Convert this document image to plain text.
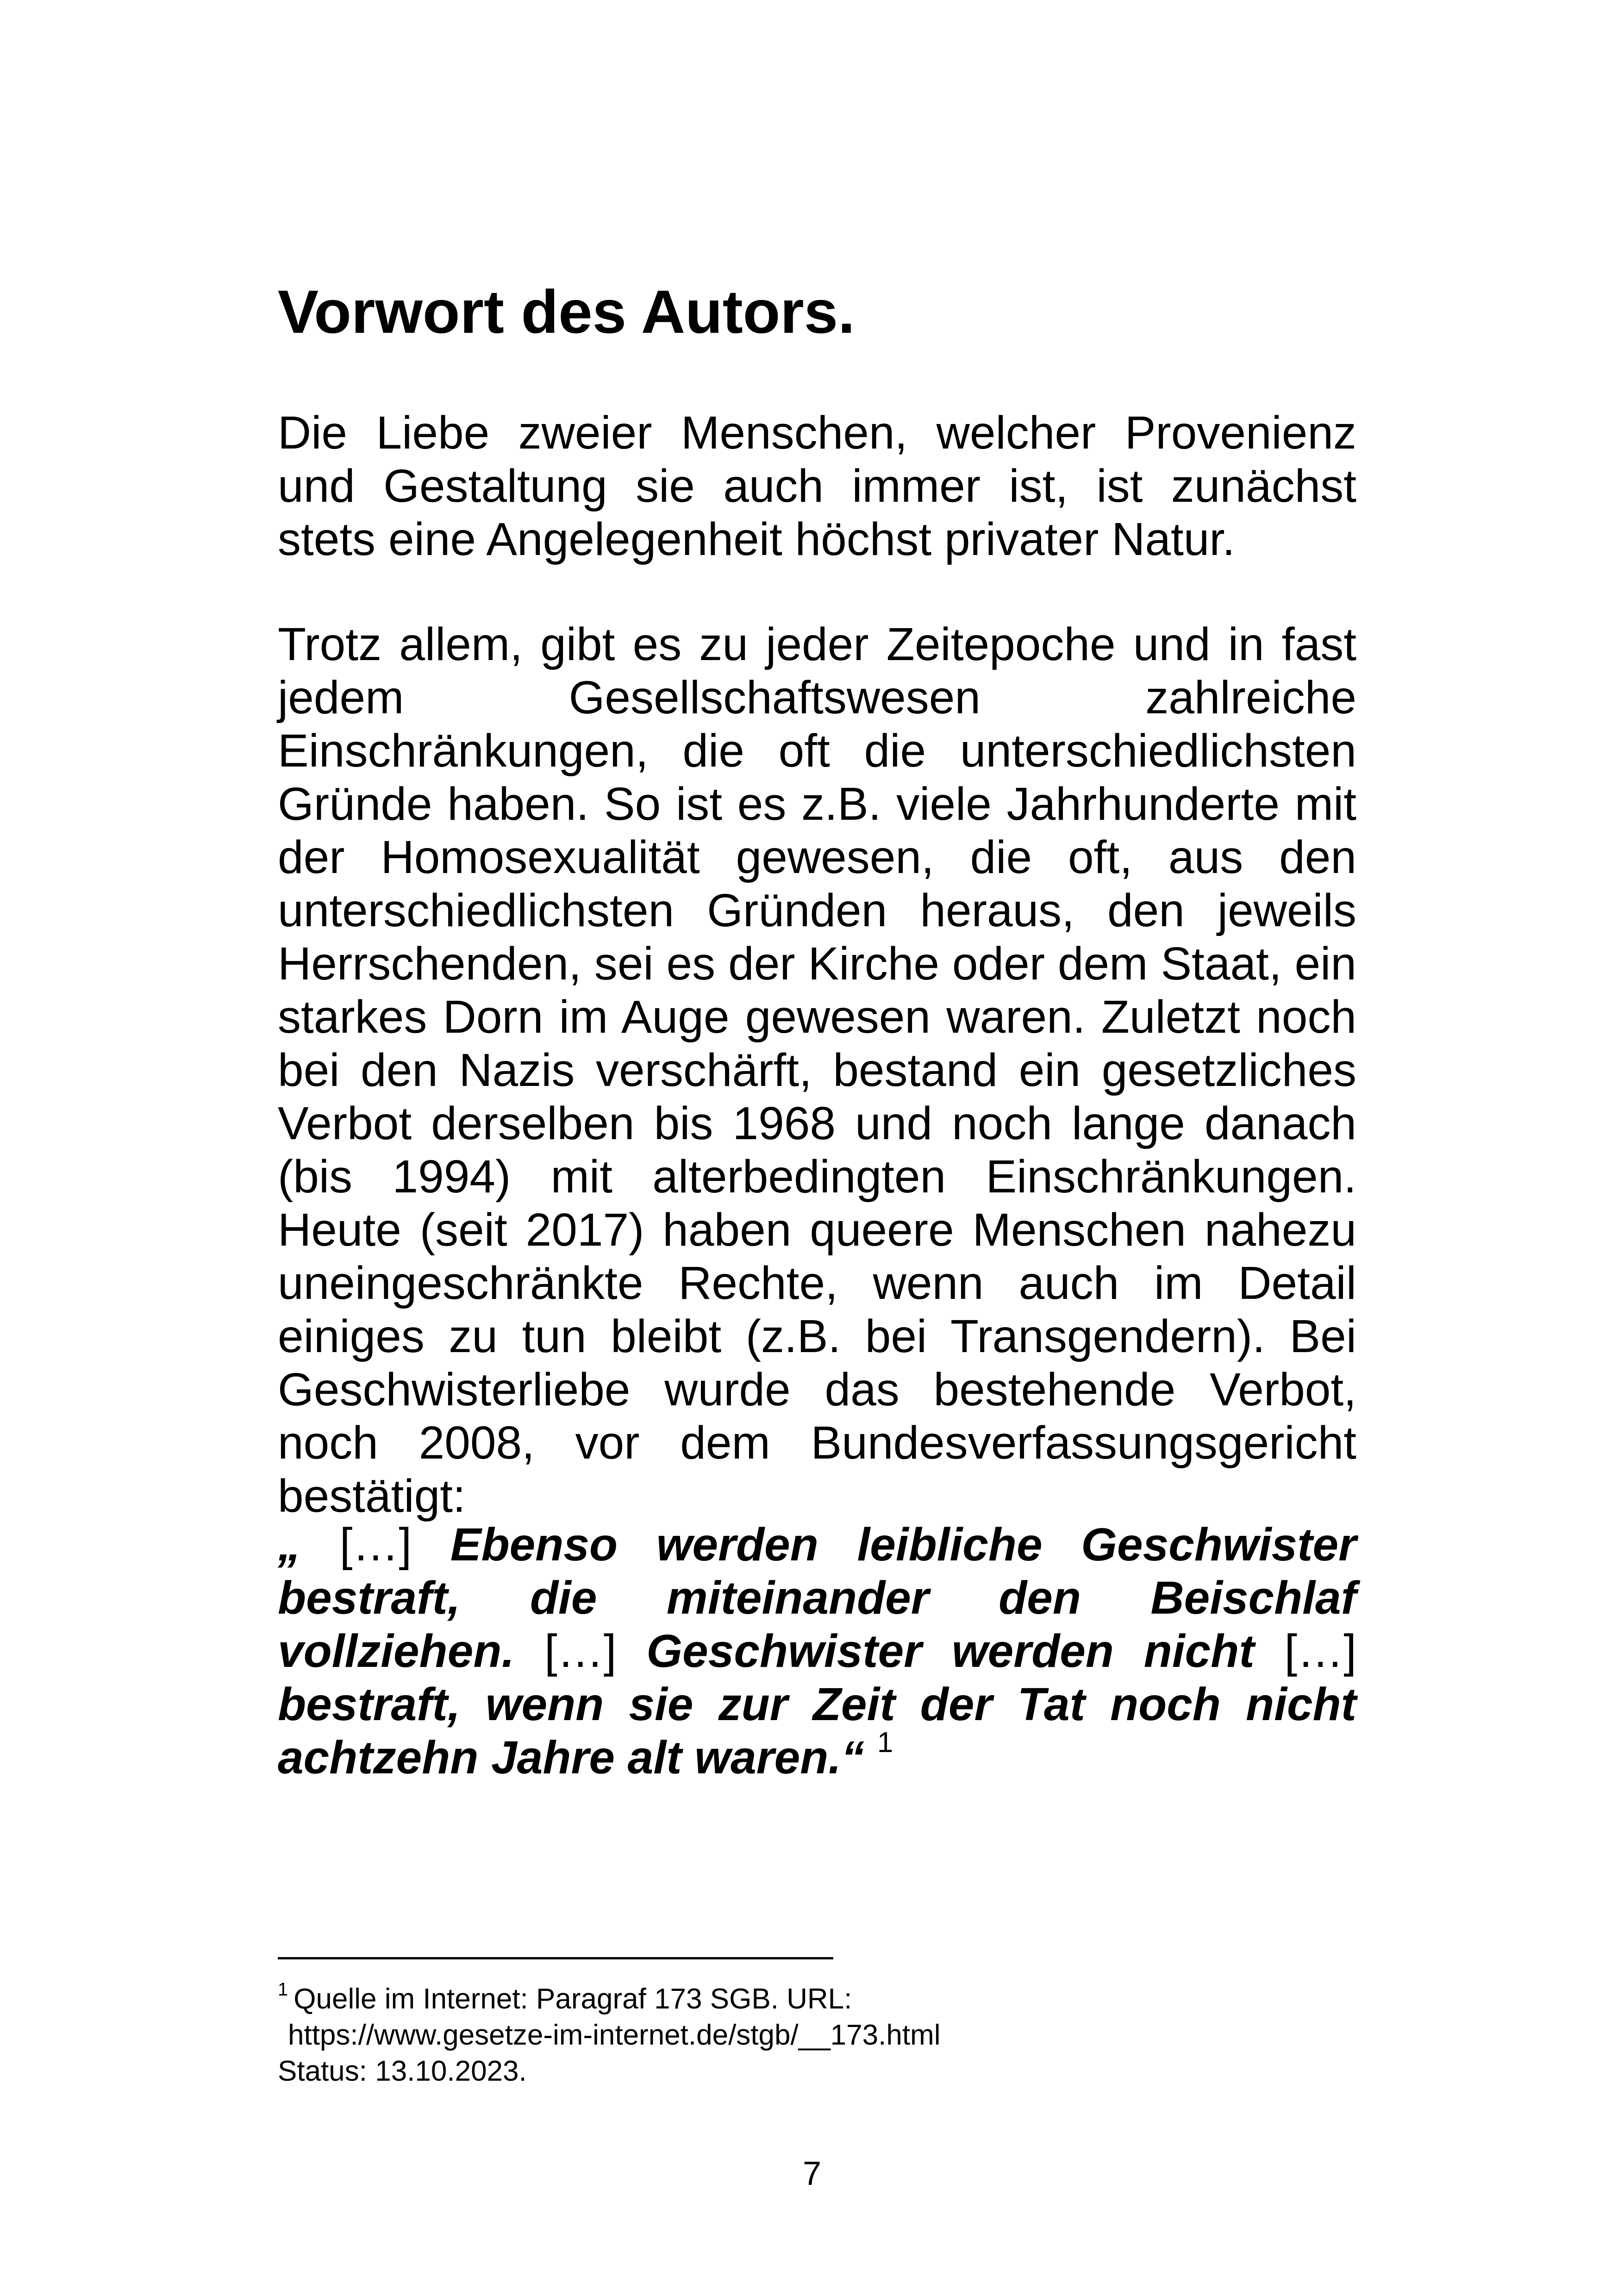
Vorwort des Autors.

Die Liebe zweier Menschen, welcher Provenienz und Gestaltung sie auch immer ist, ist zunächst stets eine Angelegenheit höchst privater Natur.

Trotz allem, gibt es zu jeder Zeitepoche und in fast jedem Gesellschaftswesen zahlreiche Einschränkungen, die oft die unterschiedlichsten Gründe haben. So ist es z.B. viele Jahrhunderte mit der Homosexualität gewesen, die oft, aus den unterschiedlichsten Gründen heraus, den jeweils Herrschenden, sei es der Kirche oder dem Staat, ein starkes Dorn im Auge gewesen waren. Zuletzt noch bei den Nazis verschärft, bestand ein gesetzliches Verbot derselben bis 1968 und noch lange danach (bis 1994) mit alterbedingten Einschränkungen. Heute (seit 2017) haben queere Menschen nahezu uneingeschränkte Rechte, wenn auch im Detail einiges zu tun bleibt (z.B. bei Transgendern). Bei Geschwisterliebe wurde das bestehende Verbot, noch 2008, vor dem Bundesverfassungsgericht bestätigt:

„ […] Ebenso werden leibliche Geschwister bestraft, die miteinander den Beischlaf vollziehen. […] Geschwister werden nicht […] bestraft, wenn sie zur Zeit der Tat noch nicht achtzehn Jahre alt waren.“ $^1$

$^1$ Quelle im Internet: Paragraf 173 SGB. URL:
https://www.gesetze-im-internet.de/stgb/__173.html
Status: 13.10.2023.
7
